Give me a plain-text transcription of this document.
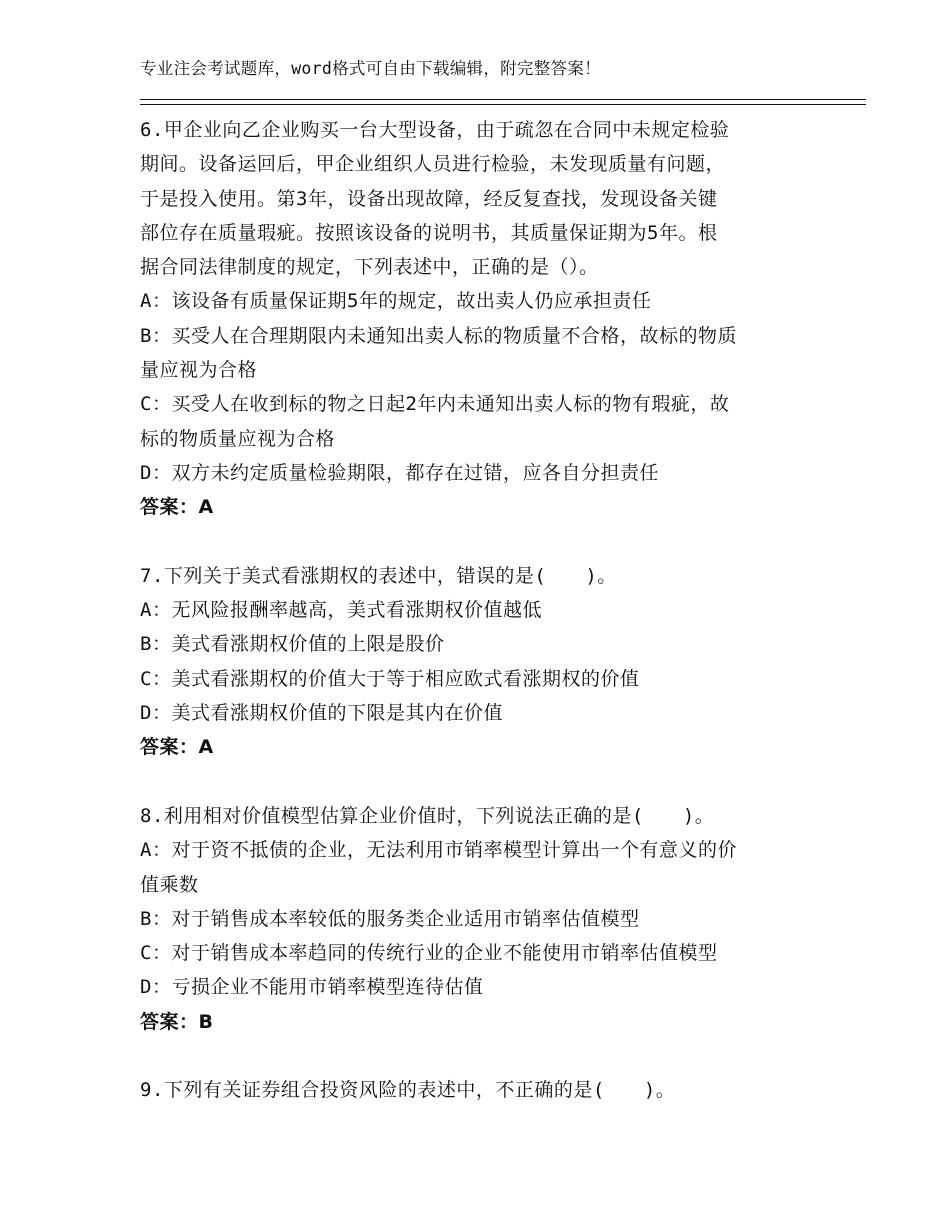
专业注会考试题库，word格式可自由下载编辑，附完整答案！
6.甲企业向乙企业购买一台大型设备，由于疏忽在合同中未规定检验
期间。设备运回后，甲企业组织人员进行检验，未发现质量有问题，
于是投入使用。第3年，设备出现故障，经反复查找，发现设备关键
部位存在质量瑕疵。按照该设备的说明书，其质量保证期为5年。根
据合同法律制度的规定，下列表述中，正确的是（）。
A：该设备有质量保证期5年的规定，故出卖人仍应承担责任
B：买受人在合理期限内未通知出卖人标的物质量不合格，故标的物质
量应视为合格
C：买受人在收到标的物之日起2年内未通知出卖人标的物有瑕疵，故
标的物质量应视为合格
D：双方未约定质量检验期限，都存在过错，应各自分担责任
答案：A
7.下列关于美式看涨期权的表述中，错误的是(　　)。
A：无风险报酬率越高，美式看涨期权价值越低
B：美式看涨期权价值的上限是股价
C：美式看涨期权的价值大于等于相应欧式看涨期权的价值
D：美式看涨期权价值的下限是其内在价值
答案：A
8.利用相对价值模型估算企业价值时，下列说法正确的是(　　)。
A：对于资不抵债的企业，无法利用市销率模型计算出一个有意义的价
值乘数
B：对于销售成本率较低的服务类企业适用市销率估值模型
C：对于销售成本率趋同的传统行业的企业不能使用市销率估值模型
D：亏损企业不能用市销率模型连待估值
答案：B
9.下列有关证券组合投资风险的表述中，不正确的是(　　)。
